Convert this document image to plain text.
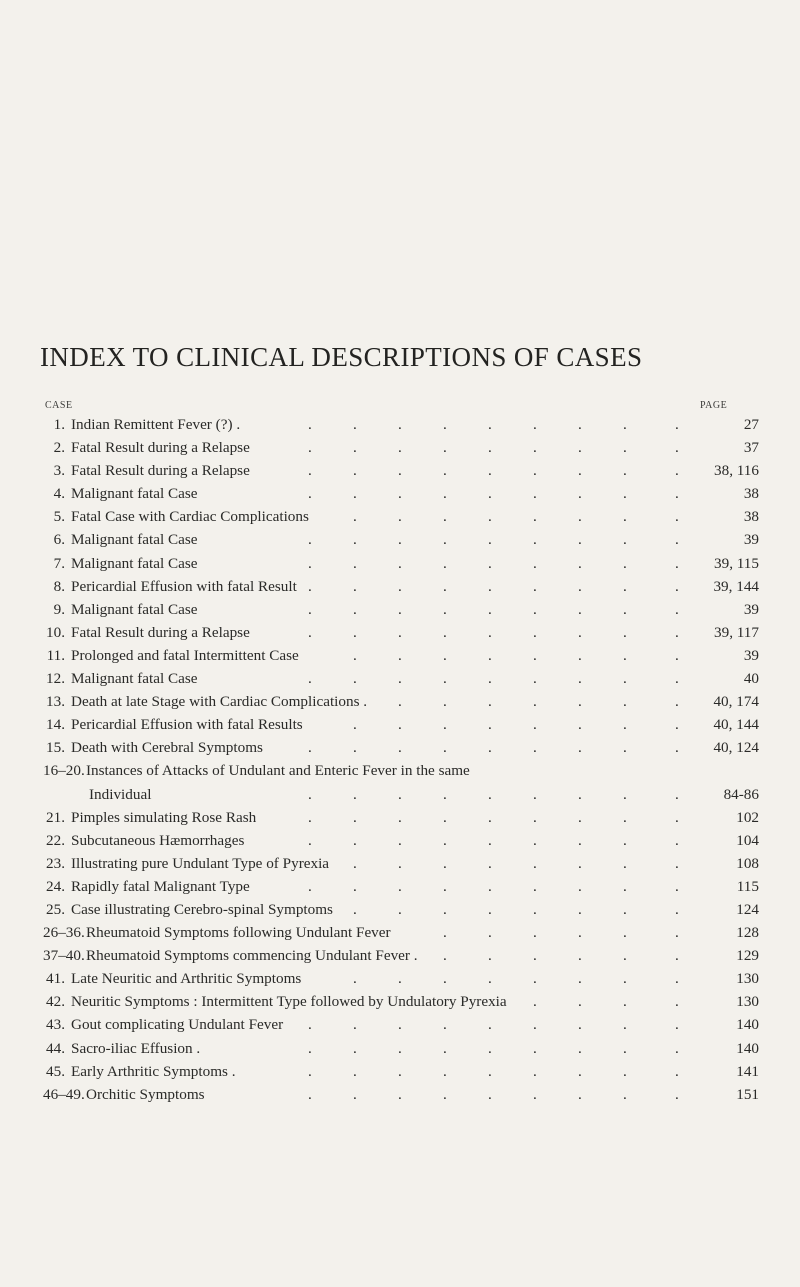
INDEX TO CLINICAL DESCRIPTIONS OF CASES
CASE	PAGE
1. Indian Remittent Fever (?) .	27
.	.	.	.	.	.	.	.	.
2. Fatal Result during a Relapse	37
.	.	.	.	.	.	.	.	.
3. Fatal Result during a Relapse	38, 116
.	.	.	.	.	.	.	.	.
4. Malignant fatal Case	38
.	.	.	.	.	.	.	.	.
5. Fatal Case with Cardiac Complications	38
.	.	.	.	.	.	.	.
6. Malignant fatal Case	39
.	.	.	.	.	.	.	.	.
7. Malignant fatal Case	39, 115
.	.	.	.	.	.	.	.	.
8. Pericardial Effusion with fatal Result	39, 144
.	.	.	.	.	.	.	.	.
9. Malignant fatal Case	39
.	.	.	.	.	.	.	.	.
10. Fatal Result during a Relapse	39, 117
.	.	.	.	.	.	.	.	.
11. Prolonged and fatal Intermittent Case	39
.	.	.	.	.	.	.	.
12. Malignant fatal Case	40
.	.	.	.	.	.	.	.	.
13. Death at late Stage with Cardiac Complications .	40, 174
.	.	.	.	.	.	.
14. Pericardial Effusion with fatal Results	40, 144
.	.	.	.	.	.	.	.
15. Death with Cerebral Symptoms	40, 124
.	.	.	.	.	.	.	.	.
16–20. Instances of Attacks of Undulant and Enteric Fever in the same
Individual	84-86
.	.	.	.	.	.	.	.	.
21. Pimples simulating Rose Rash	102
.	.	.	.	.	.	.	.	.
22. Subcutaneous Hæmorrhages	104
.	.	.	.	.	.	.	.	.
23. Illustrating pure Undulant Type of Pyrexia	108
.	.	.	.	.	.	.	.
24. Rapidly fatal Malignant Type	115
.	.	.	.	.	.	.	.	.
25. Case illustrating Cerebro-spinal Symptoms	124
.	.	.	.	.	.	.	.
26–36. Rheumatoid Symptoms following Undulant Fever	128
.	.	.	.	.	.
37–40. Rheumatoid Symptoms commencing Undulant Fever .	129
.	.	.	.	.	.
41. Late Neuritic and Arthritic Symptoms	130
.	.	.	.	.	.	.	.
42. Neuritic Symptoms : Intermittent Type followed by Undulatory Pyrexia	130
.	.	.	.
43. Gout complicating Undulant Fever	140
.	.	.	.	.	.	.	.	.
44. Sacro-iliac Effusion .	140
.	.	.	.	.	.	.	.	.
45. Early Arthritic Symptoms .	141
.	.	.	.	.	.	.	.	.
46–49. Orchitic Symptoms	151
.	.	.	.	.	.	.	.	.
